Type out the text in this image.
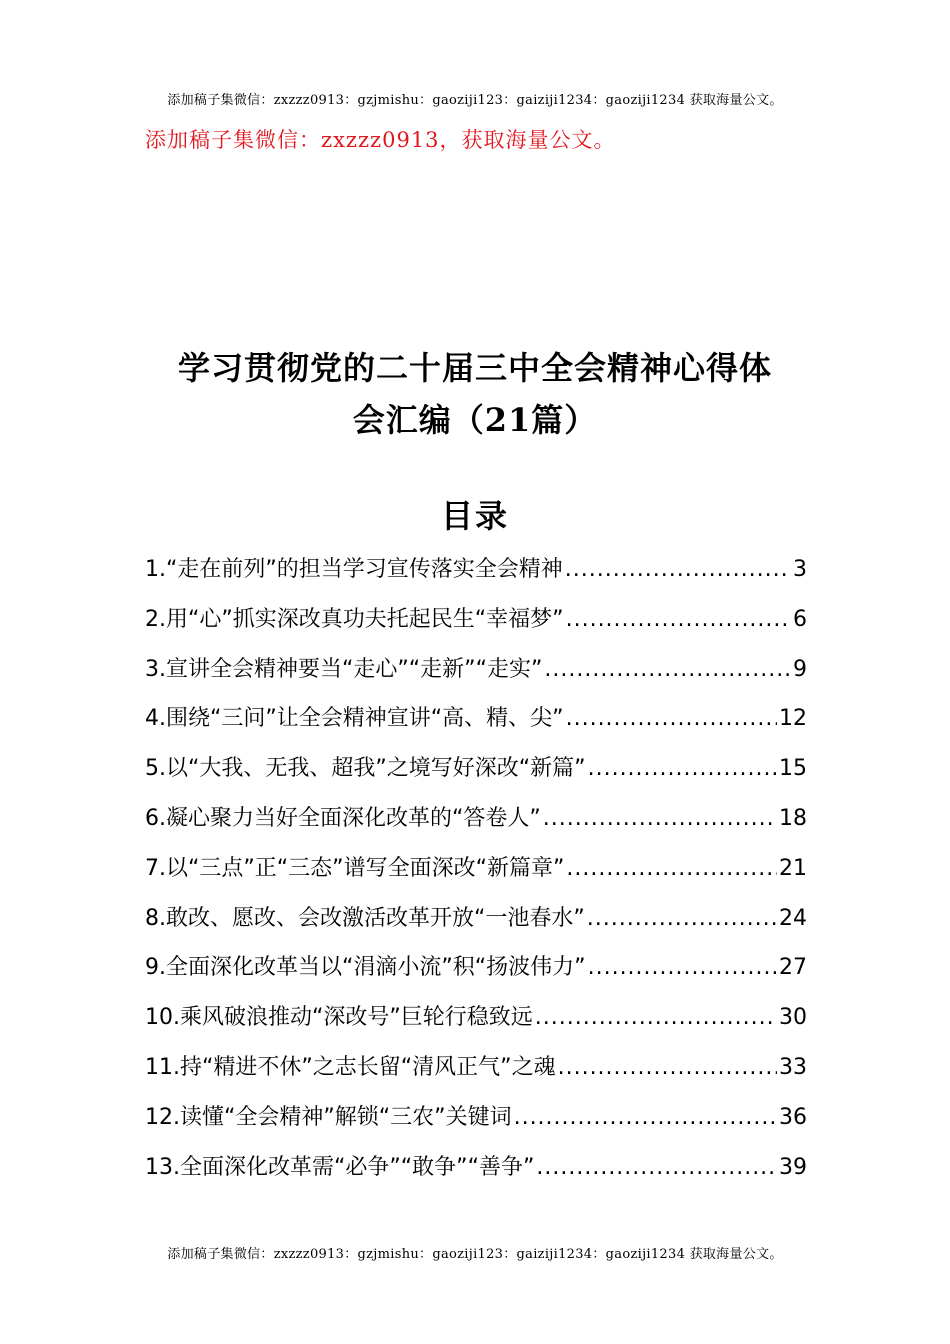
添加稿子集微信：zxzzz0913：gzjmishu：gaoziji123：gaiziji1234：gaoziji1234 获取海量公文。
添加稿子集微信：zxzzz0913，获取海量公文。
学习贯彻党的二十届三中全会精神心得体
会汇编（21篇）
目录
1.“走在前列”的担当学习宣传落实全会精神 .....	3
2.用“心”抓实深改真功夫托起民生“幸福梦” .....	6
3.宣讲全会精神要当“走心”“走新”“走实” .....	9
4.围绕“三问”让全会精神宣讲“高、精、尖” .....	12
5.以“大我、无我、超我”之境写好深改“新篇” .....	15
6.凝心聚力当好全面深化改革的“答卷人” .....	18
7.以“三点”正“三态”谱写全面深改“新篇章” .....	21
8.敢改、愿改、会改激活改革开放“一池春水” .....	24
9.全面深化改革当以“涓滴小流”积“扬波伟力” .....	27
10.乘风破浪推动“深改号”巨轮行稳致远 .....	30
11.持“精进不休”之志长留“清风正气”之魂 .....	33
12.读懂“全会精神”解锁“三农”关键词 .....	36
13.全面深化改革需“必争”“敢争”“善争” .....	39
添加稿子集微信：zxzzz0913：gzjmishu：gaoziji123：gaiziji1234：gaoziji1234 获取海量公文。
